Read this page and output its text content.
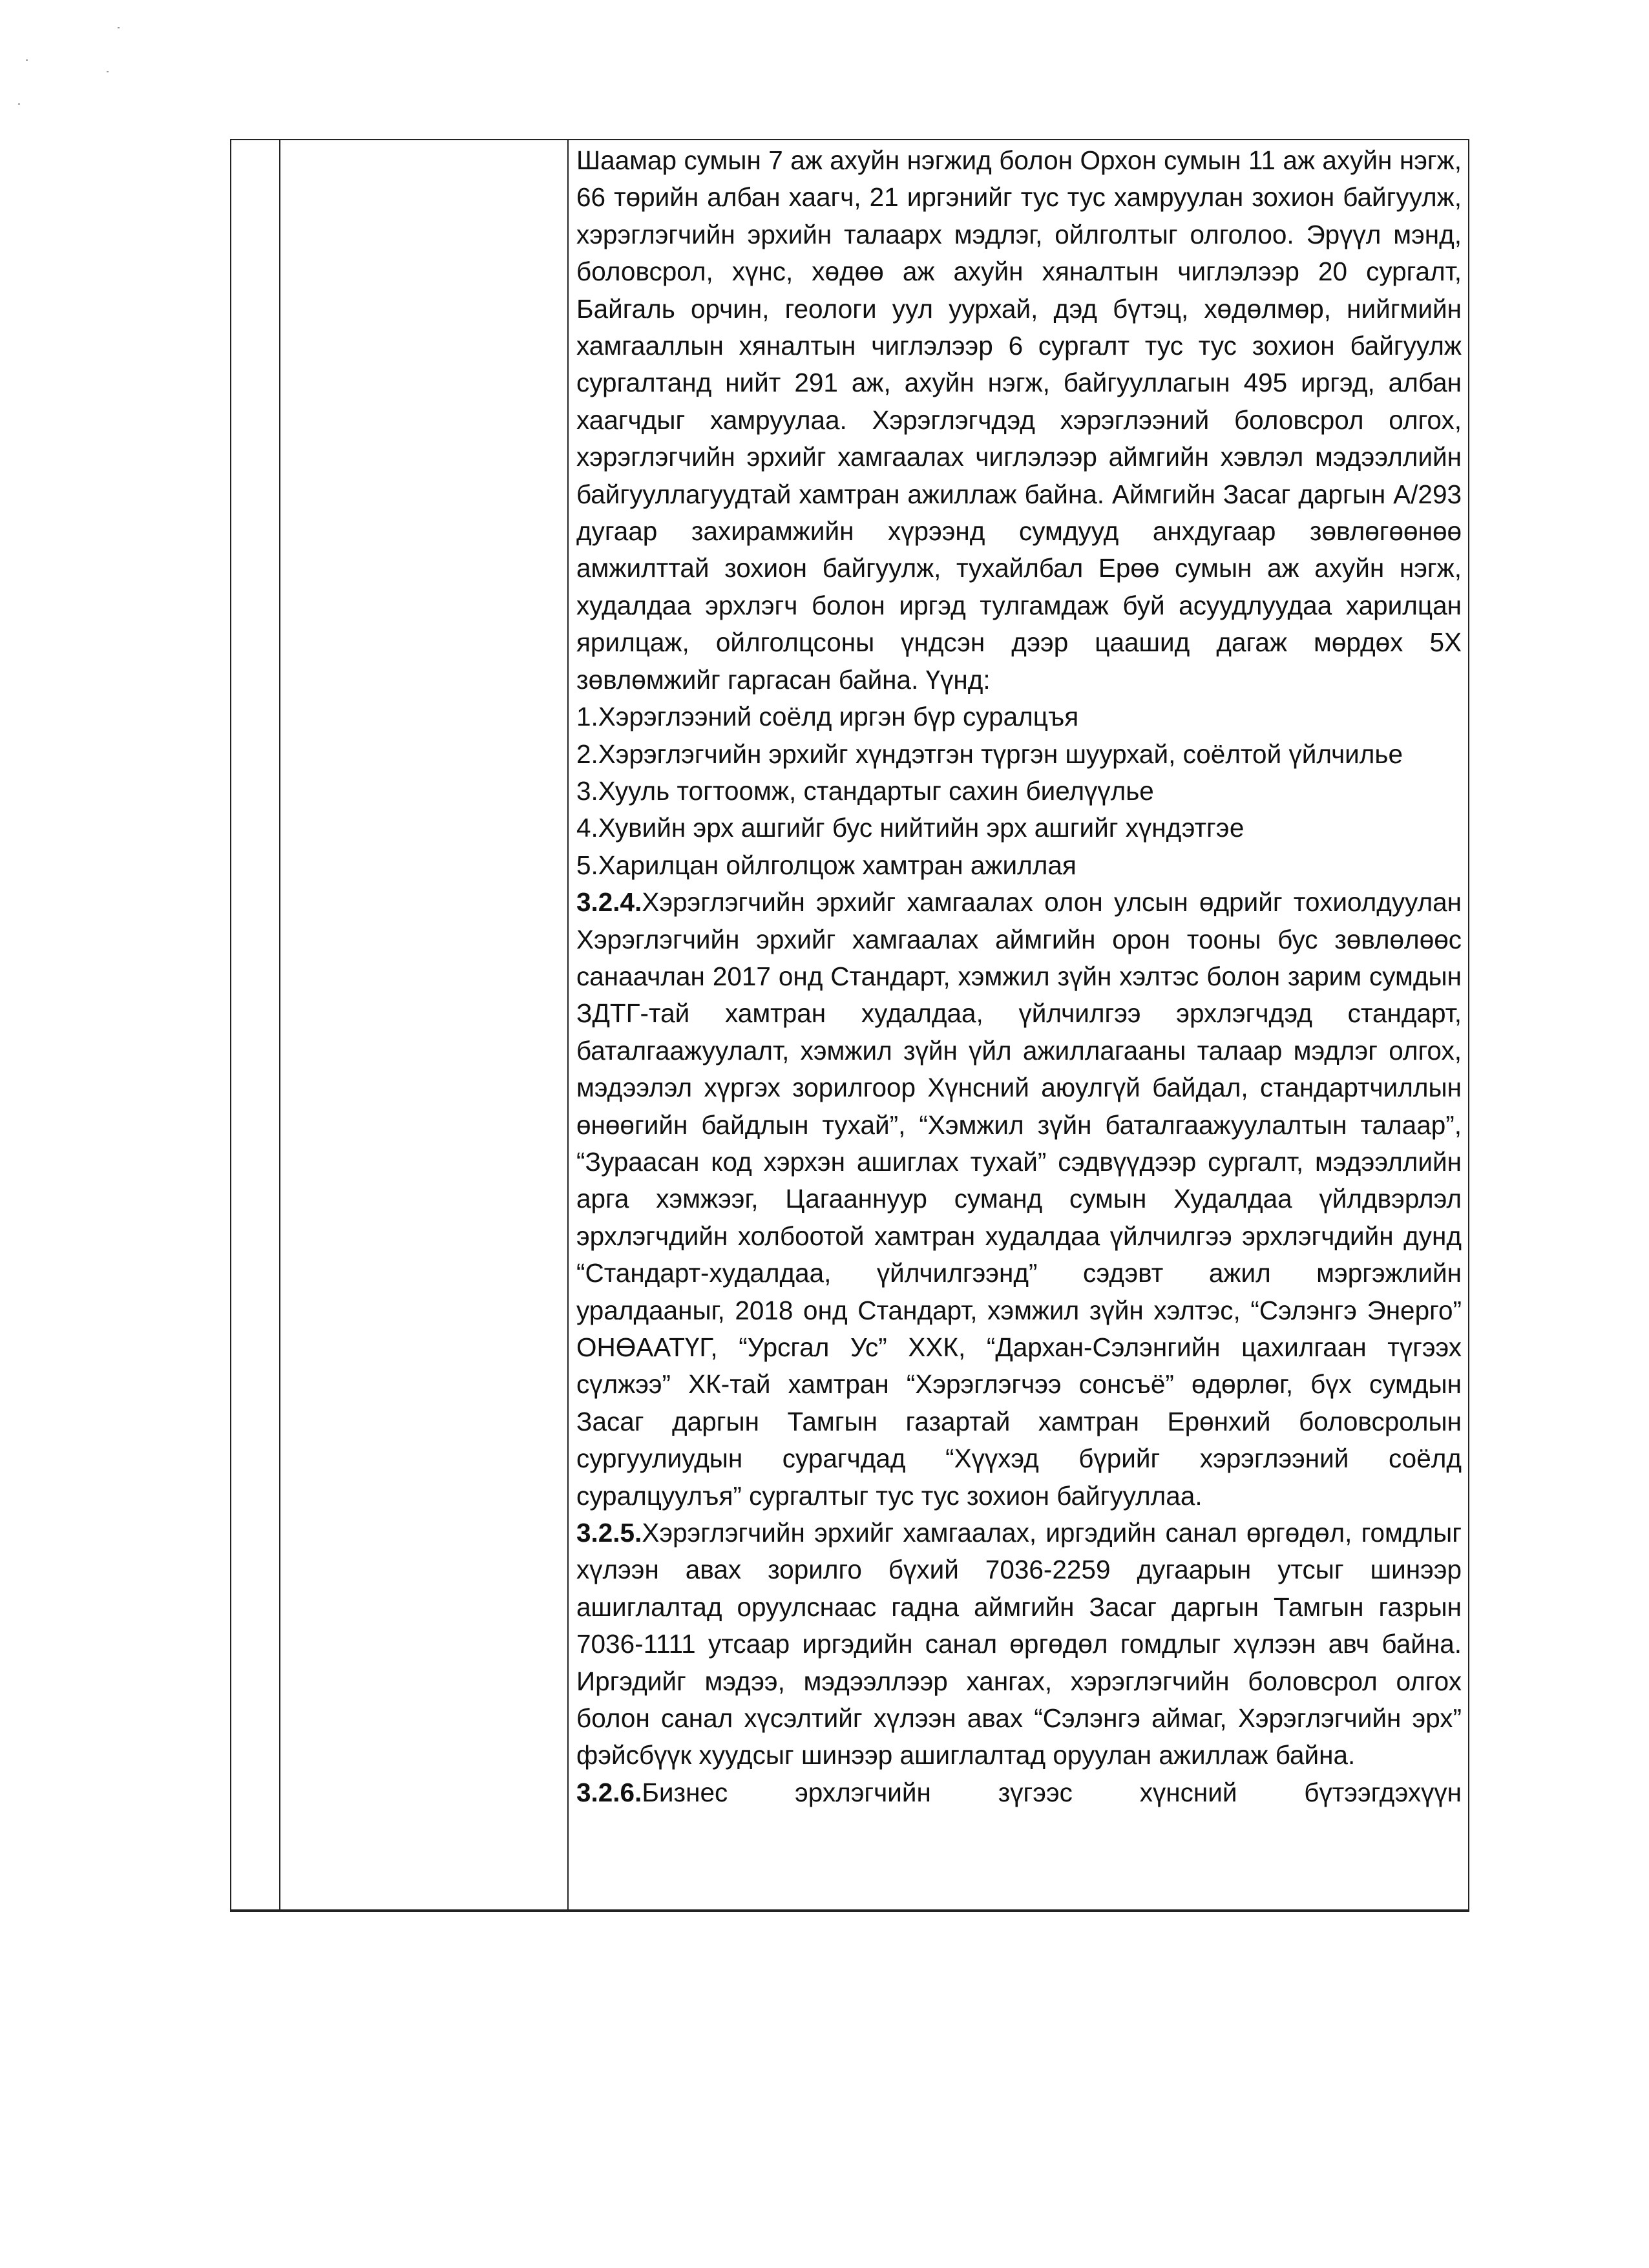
Шаамар сумын 7 аж ахуйн нэгжид болон Орхон сумын 11 аж ахуйн нэгж, 66 төрийн албан хаагч, 21 иргэнийг тус тус хамруулан зохион байгуулж, хэрэглэгчийн эрхийн талаарх мэдлэг, ойлголтыг олголоо. Эрүүл мэнд, боловсрол, хүнс, хөдөө аж ахуйн хяналтын чиглэлээр 20 сургалт, Байгаль орчин, геологи уул уурхай, дэд бүтэц, хөдөлмөр, нийгмийн хамгааллын хяналтын чиглэлээр 6 сургалт тус тус зохион байгуулж сургалтанд нийт 291 аж, ахуйн нэгж, байгууллагын 495 иргэд, албан хаагчдыг хамруулаа. Хэрэглэгчдэд хэрэглээний боловсрол олгох, хэрэглэгчийн эрхийг хамгаалах чиглэлээр аймгийн хэвлэл мэдээллийн байгууллагуудтай хамтран ажиллаж байна. Аймгийн Засаг даргын А/293 дугаар захирамжийн хүрээнд сумдууд анхдугаар зөвлөгөөнөө амжилттай зохион байгуулж, тухайлбал Ерөө сумын аж ахуйн нэгж, худалдаа эрхлэгч болон иргэд тулгамдаж буй асуудлуудаа харилцан ярилцаж, ойлголцсоны үндсэн дээр цаашид дагаж мөрдөх 5Х зөвлөмжийг гаргасан байна. Үүнд:

1.Хэрэглээний соёлд иргэн бүр суралцъя

2.Хэрэглэгчийн эрхийг хүндэтгэн түргэн шуурхай, соёлтой үйлчилье

3.Хууль тогтоомж, стандартыг сахин биелүүлье

4.Хувийн эрх ашгийг бус нийтийн эрх ашгийг хүндэтгэе

5.Харилцан ойлголцож хамтран ажиллая

3.2.4.Хэрэглэгчийн эрхийг хамгаалах олон улсын өдрийг тохиолдуулан Хэрэглэгчийн эрхийг хамгаалах аймгийн орон тооны бус зөвлөлөөс санаачлан 2017 онд Стандарт, хэмжил зүйн хэлтэс болон зарим сумдын ЗДТГ-тай хамтран худалдаа, үйлчилгээ эрхлэгчдэд стандарт, баталгаажуулалт, хэмжил зүйн үйл ажиллагааны талаар мэдлэг олгох, мэдээлэл хүргэх зорилгоор Хүнсний аюулгүй байдал, стандартчиллын өнөөгийн байдлын тухай”, “Хэмжил зүйн баталгаажуулалтын талаар”, “Зураасан код хэрхэн ашиглах тухай” сэдвүүдээр сургалт, мэдээллийн арга хэмжээг, Цагааннуур суманд сумын Худалдаа үйлдвэрлэл эрхлэгчдийн холбоотой хамтран худалдаа үйлчилгээ эрхлэгчдийн дунд “Стандарт-худалдаа, үйлчилгээнд” сэдэвт ажил мэргэжлийн уралдааныг, 2018 онд Стандарт, хэмжил зүйн хэлтэс, “Сэлэнгэ Энерго” ОНӨААТҮГ, “Урсгал Ус” ХХК, “Дархан-Сэлэнгийн цахилгаан түгээх сүлжээ” ХК-тай хамтран “Хэрэглэгчээ сонсъё” өдөрлөг, бүх сумдын Засаг даргын Тамгын газартай хамтран Ерөнхий боловсролын сургуулиудын сурагчдад “Хүүхэд бүрийг хэрэглээний соёлд суралцуулъя” сургалтыг тус тус зохион байгууллаа.

3.2.5.Хэрэглэгчийн эрхийг хамгаалах, иргэдийн санал өргөдөл, гомдлыг хүлээн авах зорилго бүхий 7036-2259 дугаарын утсыг шинээр ашиглалтад оруулснаас гадна аймгийн Засаг даргын Тамгын газрын 7036-1111 утсаар иргэдийн санал өргөдөл гомдлыг хүлээн авч байна. Иргэдийг мэдээ, мэдээллээр хангах, хэрэглэгчийн боловсрол олгох болон санал хүсэлтийг хүлээн авах “Сэлэнгэ аймаг, Хэрэглэгчийн эрх” фэйсбүүк хуудсыг шинээр ашиглалтад оруулан ажиллаж байна.

3.2.6.Бизнес эрхлэгчийн зүгээс хүнсний бүтээгдэхүүн
